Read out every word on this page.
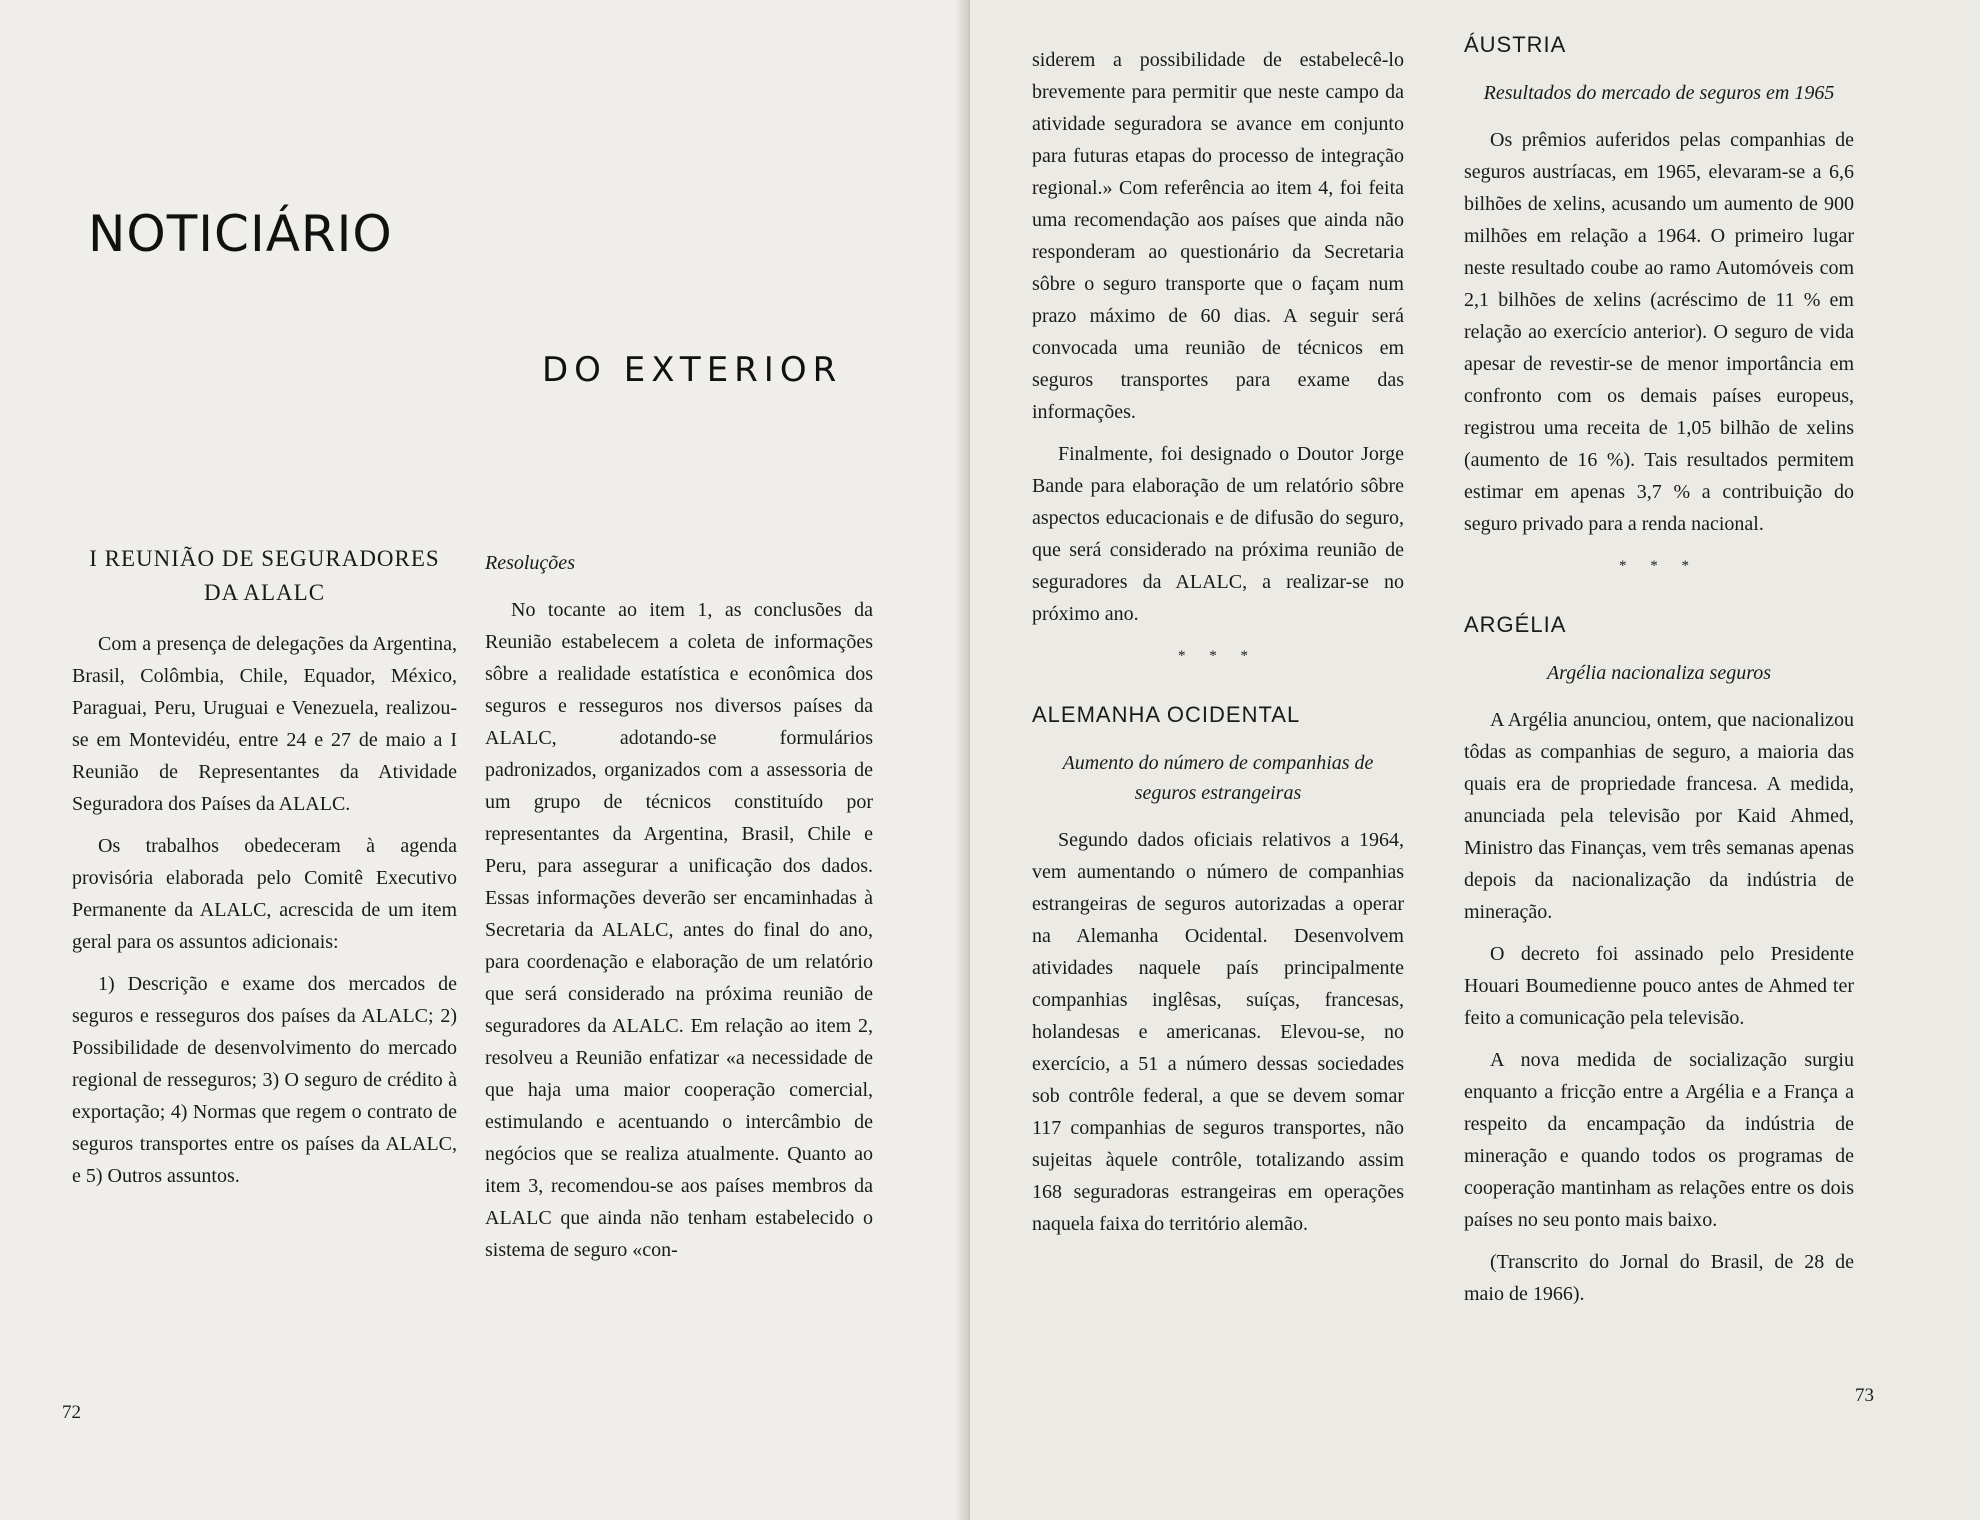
NOTICIÁRIO
DO EXTERIOR
I REUNIÃO DE SEGURADORES DA ALALC

Com a presença de delegações da Argentina, Brasil, Colômbia, Chile, Equador, México, Paraguai, Peru, Uruguai e Venezuela, realizou-se em Montevidéu, entre 24 e 27 de maio a I Reunião de Representantes da Atividade Seguradora dos Países da ALALC.

Os trabalhos obedeceram à agenda provisória elaborada pelo Comitê Executivo Permanente da ALALC, acrescida de um item geral para os assuntos adicionais:

1) Descrição e exame dos mercados de seguros e resseguros dos países da ALALC; 2) Possibilidade de desenvolvimento do mercado regional de resseguros; 3) O seguro de crédito à exportação; 4) Normas que regem o contrato de seguros transportes entre os países da ALALC, e 5) Outros assuntos.

Resoluções

No tocante ao item 1, as conclusões da Reunião estabelecem a coleta de informações sôbre a realidade estatística e econômica dos seguros e resseguros nos diversos países da ALALC, adotando-se formulários padronizados, organizados com a assessoria de um grupo de técnicos constituído por representantes da Argentina, Brasil, Chile e Peru, para assegurar a unificação dos dados. Essas informações deverão ser encaminhadas à Secretaria da ALALC, antes do final do ano, para coordenação e elaboração de um relatório que será considerado na próxima reunião de seguradores da ALALC. Em relação ao item 2, resolveu a Reunião enfatizar «a necessidade de que haja uma maior cooperação comercial, estimulando e acentuando o intercâmbio de negócios que se realiza atualmente. Quanto ao item 3, recomendou-se aos países membros da ALALC que ainda não tenham estabelecido o sistema de seguro «con-

72

siderem a possibilidade de estabelecê-lo brevemente para permitir que neste campo da atividade seguradora se avance em conjunto para futuras etapas do processo de integração regional.» Com referência ao item 4, foi feita uma recomendação aos países que ainda não responderam ao questionário da Secretaria sôbre o seguro transporte que o façam num prazo máximo de 60 dias. A seguir será convocada uma reunião de técnicos em seguros transportes para exame das informações.

Finalmente, foi designado o Doutor Jorge Bande para elaboração de um relatório sôbre aspectos educacionais e de difusão do seguro, que será considerado na próxima reunião de seguradores da ALALC, a realizar-se no próximo ano.

* * *
ALEMANHA OCIDENTAL
Aumento do número de companhias de seguros estrangeiras

Segundo dados oficiais relativos a 1964, vem aumentando o número de companhias estrangeiras de seguros autorizadas a operar na Alemanha Ocidental. Desenvolvem atividades naquele país principalmente companhias inglêsas, suíças, francesas, holandesas e americanas. Elevou-se, no exercício, a 51 a número dessas sociedades sob contrôle federal, a que se devem somar 117 companhias de seguros transportes, não sujeitas àquele contrôle, totalizando assim 168 seguradoras estrangeiras em operações naquela faixa do território alemão.

ÁUSTRIA
Resultados do mercado de seguros em 1965

Os prêmios auferidos pelas companhias de seguros austríacas, em 1965, elevaram-se a 6,6 bilhões de xelins, acusando um aumento de 900 milhões em relação a 1964. O primeiro lugar neste resultado coube ao ramo Automóveis com 2,1 bilhões de xelins (acréscimo de 11 % em relação ao exercício anterior). O seguro de vida apesar de revestir-se de menor importância em confronto com os demais países europeus, registrou uma receita de 1,05 bilhão de xelins (aumento de 16 %). Tais resultados permitem estimar em apenas 3,7 % a contribuição do seguro privado para a renda nacional.

* * *
ARGÉLIA
Argélia nacionaliza seguros

A Argélia anunciou, ontem, que nacionalizou tôdas as companhias de seguro, a maioria das quais era de propriedade francesa. A medida, anunciada pela televisão por Kaid Ahmed, Ministro das Finanças, vem três semanas apenas depois da nacionalização da indústria de mineração.

O decreto foi assinado pelo Presidente Houari Boumedienne pouco antes de Ahmed ter feito a comunicação pela televisão.

A nova medida de socialização surgiu enquanto a fricção entre a Argélia e a França a respeito da encampação da indústria de mineração e quando todos os programas de cooperação mantinham as relações entre os dois países no seu ponto mais baixo.

(Transcrito do Jornal do Brasil, de 28 de maio de 1966).

73
